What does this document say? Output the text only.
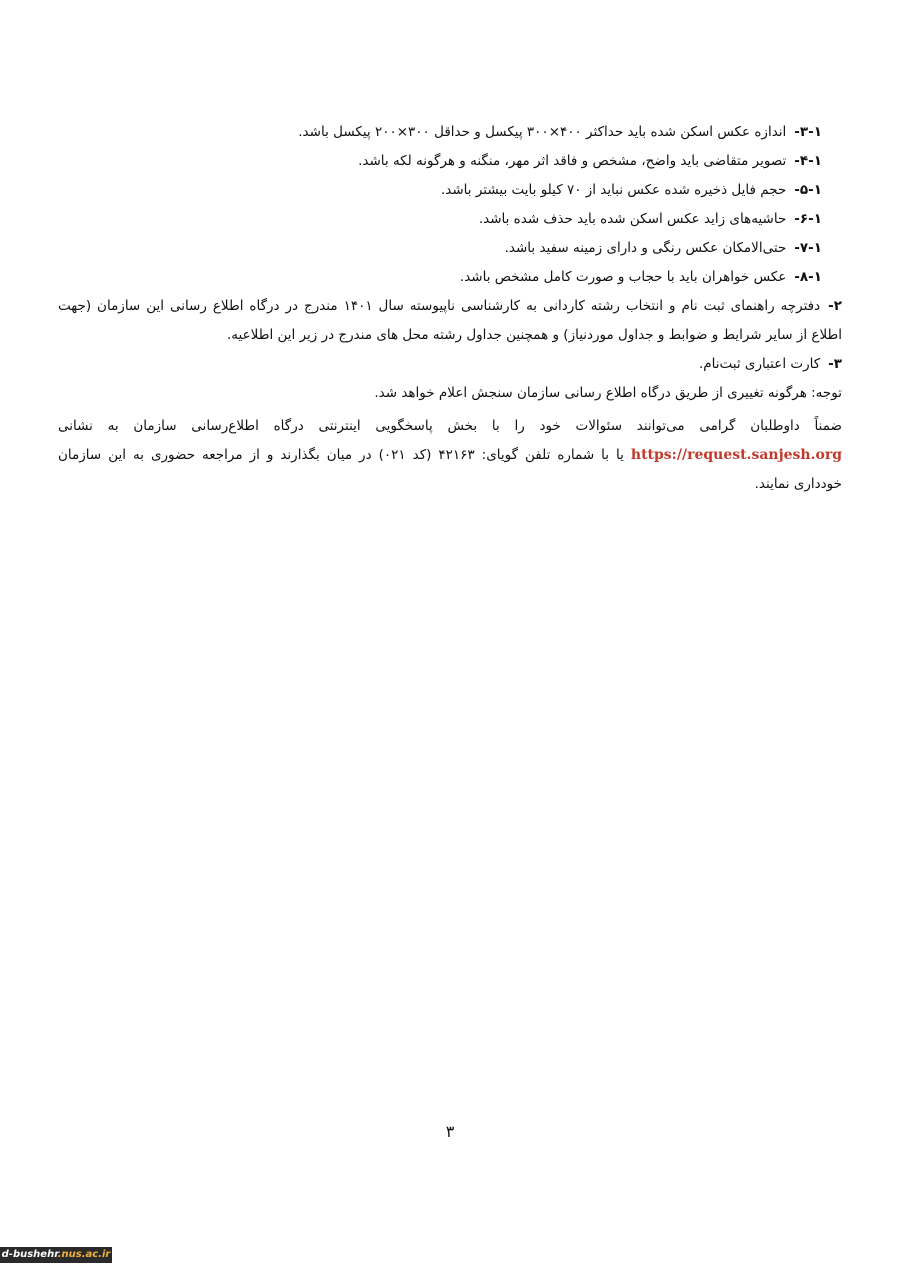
۳-۱-اندازه عکس اسکن شده باید حداکثر ۴۰۰×۳۰۰ پیکسل و حداقل ۳۰۰×۲۰۰ پیکسل باشد.
۴-۱-تصویر متقاضی باید واضح، مشخص و فاقد اثر مهر، منگنه و هرگونه لکه باشد.
۵-۱-حجم فایل ذخیره شده عکس نباید از ۷۰ کیلو بایت بیشتر باشد.
۶-۱-حاشیه‌های زاید عکس اسکن شده باید حذف شده باشد.
۷-۱-حتی‌الامکان عکس رنگی و دارای زمینه سفید باشد.
۸-۱-عکس خواهران باید با حجاب و صورت کامل مشخص باشد.

۲-دفترچه راهنمای ثبت نام و انتخاب رشته کاردانی به کارشناسی ناپیوسته سال ۱۴۰۱ مندرج در درگاه اطلاع رسانی این سازمان (جهت اطلاع از سایر شرایط و ضوابط و جداول موردنیاز) و همچنین جداول رشته محل های مندرج در زیر این اطلاعیه.

۳-کارت اعتباری ثبت‌نام.

توجه: هرگونه تغییری از طریق درگاه اطلاع رسانی سازمان سنجش اعلام خواهد شد.

ضمناً داوطلبان گرامی می‌توانند سئوالات خود را با بخش پاسخگویی اینترنتی درگاه اطلاع‌رسانی سازمان به نشانی https://request.sanjesh.org یا با شماره تلفن گویای: ۴۲۱۶۳ (کد ۰۲۱) در میان بگذارند و از مراجعه حضوری به این سازمان خودداری نمایند.

۳
d-bushehr.nus.ac.ir
